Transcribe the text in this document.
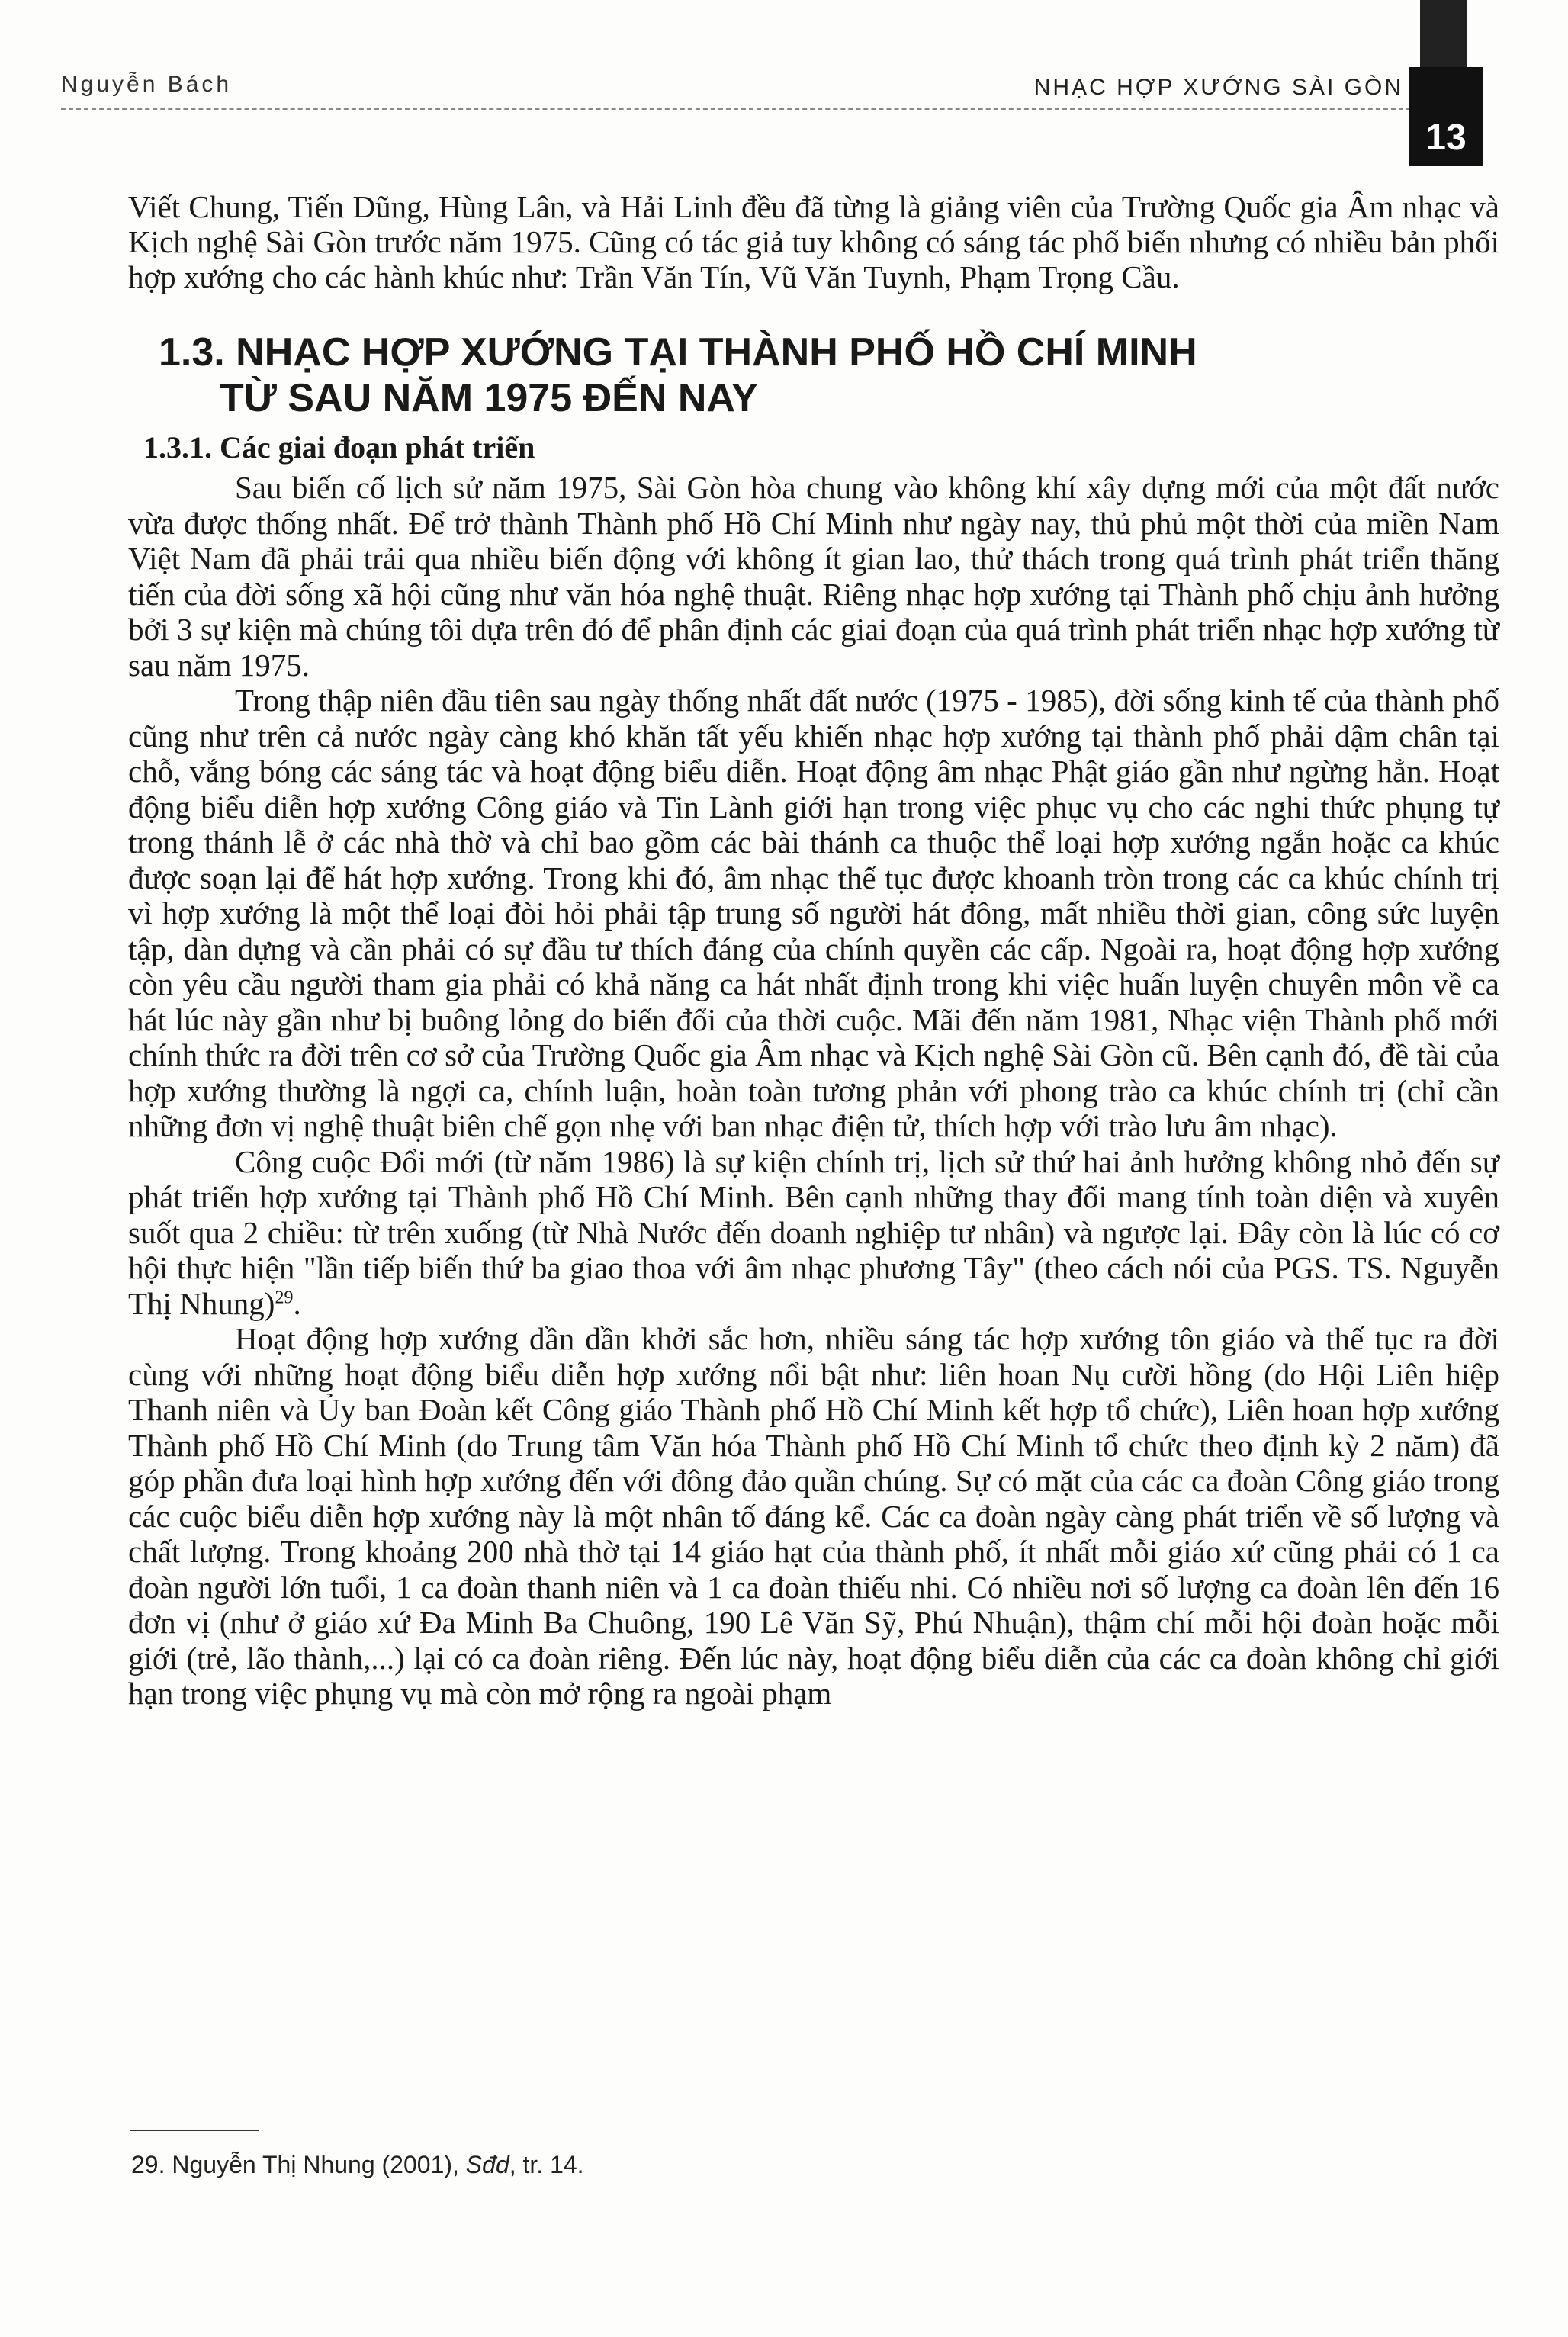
Nguyễn Bách	NHẠC HỢP XƯỚNG SÀI GÒN
13

Viết Chung, Tiến Dũng, Hùng Lân, và Hải Linh đều đã từng là giảng viên của Trường Quốc gia Âm nhạc và Kịch nghệ Sài Gòn trước năm 1975. Cũng có tác giả tuy không có sáng tác phổ biến nhưng có nhiều bản phối hợp xướng cho các hành khúc như: Trần Văn Tín, Vũ Văn Tuynh, Phạm Trọng Cầu.

1.3. NHẠC HỢP XƯỚNG TẠI THÀNH PHỐ HỒ CHÍ MINH
TỪ SAU NĂM 1975 ĐẾN NAY
1.3.1. Các giai đoạn phát triển

Sau biến cố lịch sử năm 1975, Sài Gòn hòa chung vào không khí xây dựng mới của một đất nước vừa được thống nhất. Để trở thành Thành phố Hồ Chí Minh như ngày nay, thủ phủ một thời của miền Nam Việt Nam đã phải trải qua nhiều biến động với không ít gian lao, thử thách trong quá trình phát triển thăng tiến của đời sống xã hội cũng như văn hóa nghệ thuật. Riêng nhạc hợp xướng tại Thành phố chịu ảnh hưởng bởi 3 sự kiện mà chúng tôi dựa trên đó để phân định các giai đoạn của quá trình phát triển nhạc hợp xướng từ sau năm 1975.

Trong thập niên đầu tiên sau ngày thống nhất đất nước (1975 - 1985), đời sống kinh tế của thành phố cũng như trên cả nước ngày càng khó khăn tất yếu khiến nhạc hợp xướng tại thành phố phải dậm chân tại chỗ, vắng bóng các sáng tác và hoạt động biểu diễn. Hoạt động âm nhạc Phật giáo gần như ngừng hẳn. Hoạt động biểu diễn hợp xướng Công giáo và Tin Lành giới hạn trong việc phục vụ cho các nghi thức phụng tự trong thánh lễ ở các nhà thờ và chỉ bao gồm các bài thánh ca thuộc thể loại hợp xướng ngắn hoặc ca khúc được soạn lại để hát hợp xướng. Trong khi đó, âm nhạc thế tục được khoanh tròn trong các ca khúc chính trị vì hợp xướng là một thể loại đòi hỏi phải tập trung số người hát đông, mất nhiều thời gian, công sức luyện tập, dàn dựng và cần phải có sự đầu tư thích đáng của chính quyền các cấp. Ngoài ra, hoạt động hợp xướng còn yêu cầu người tham gia phải có khả năng ca hát nhất định trong khi việc huấn luyện chuyên môn về ca hát lúc này gần như bị buông lỏng do biến đổi của thời cuộc. Mãi đến năm 1981, Nhạc viện Thành phố mới chính thức ra đời trên cơ sở của Trường Quốc gia Âm nhạc và Kịch nghệ Sài Gòn cũ. Bên cạnh đó, đề tài của hợp xướng thường là ngợi ca, chính luận, hoàn toàn tương phản với phong trào ca khúc chính trị (chỉ cần những đơn vị nghệ thuật biên chế gọn nhẹ với ban nhạc điện tử, thích hợp với trào lưu âm nhạc).

Công cuộc Đổi mới (từ năm 1986) là sự kiện chính trị, lịch sử thứ hai ảnh hưởng không nhỏ đến sự phát triển hợp xướng tại Thành phố Hồ Chí Minh. Bên cạnh những thay đổi mang tính toàn diện và xuyên suốt qua 2 chiều: từ trên xuống (từ Nhà Nước đến doanh nghiệp tư nhân) và ngược lại. Đây còn là lúc có cơ hội thực hiện "lần tiếp biến thứ ba giao thoa với âm nhạc phương Tây" (theo cách nói của PGS. TS. Nguyễn Thị Nhung)$^{29}$.

Hoạt động hợp xướng dần dần khởi sắc hơn, nhiều sáng tác hợp xướng tôn giáo và thế tục ra đời cùng với những hoạt động biểu diễn hợp xướng nổi bật như: liên hoan Nụ cười hồng (do Hội Liên hiệp Thanh niên và Ủy ban Đoàn kết Công giáo Thành phố Hồ Chí Minh kết hợp tổ chức), Liên hoan hợp xướng Thành phố Hồ Chí Minh (do Trung tâm Văn hóa Thành phố Hồ Chí Minh tổ chức theo định kỳ 2 năm) đã góp phần đưa loại hình hợp xướng đến với đông đảo quần chúng. Sự có mặt của các ca đoàn Công giáo trong các cuộc biểu diễn hợp xướng này là một nhân tố đáng kể. Các ca đoàn ngày càng phát triển về số lượng và chất lượng. Trong khoảng 200 nhà thờ tại 14 giáo hạt của thành phố, ít nhất mỗi giáo xứ cũng phải có 1 ca đoàn người lớn tuổi, 1 ca đoàn thanh niên và 1 ca đoàn thiếu nhi. Có nhiều nơi số lượng ca đoàn lên đến 16 đơn vị (như ở giáo xứ Đa Minh Ba Chuông, 190 Lê Văn Sỹ, Phú Nhuận), thậm chí mỗi hội đoàn hoặc mỗi giới (trẻ, lão thành,...) lại có ca đoàn riêng. Đến lúc này, hoạt động biểu diễn của các ca đoàn không chỉ giới hạn trong việc phụng vụ mà còn mở rộng ra ngoài phạm

29. Nguyễn Thị Nhung (2001), Sđd, tr. 14.
